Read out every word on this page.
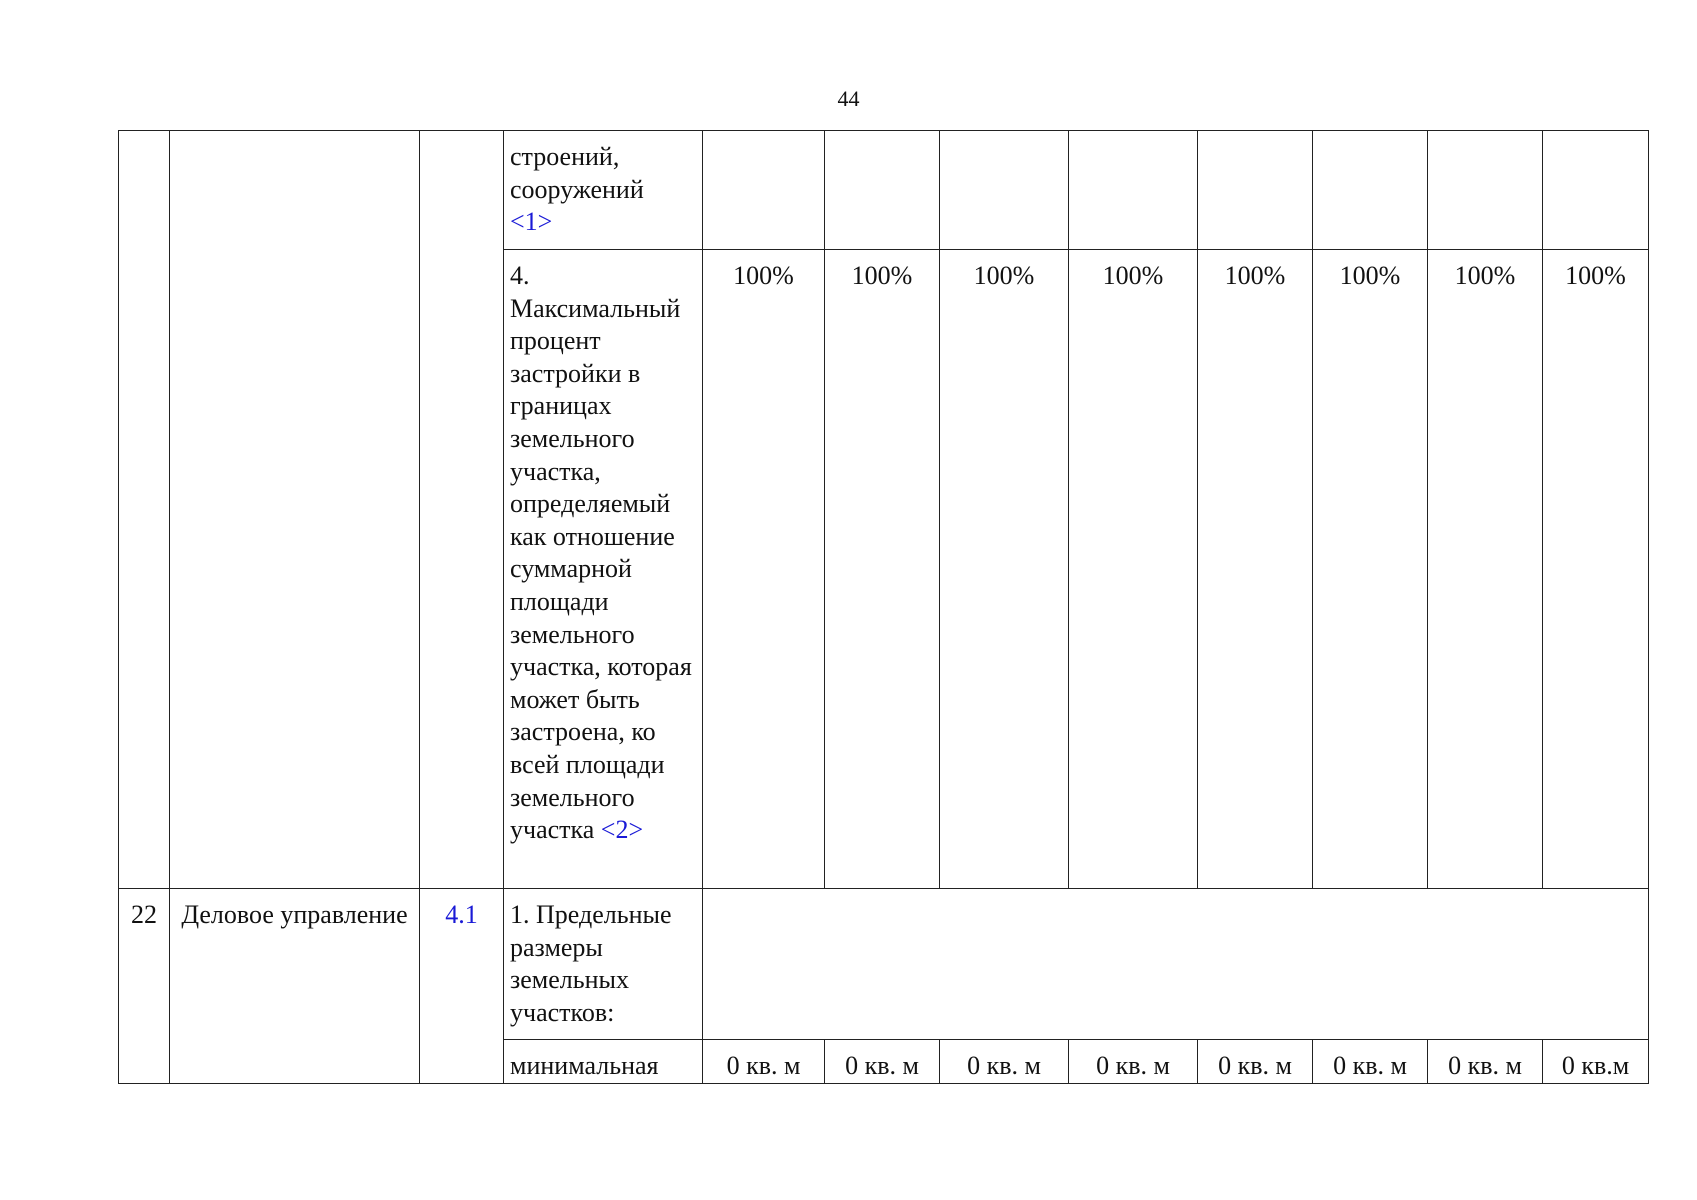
44
			строений, сооружений
<1>								
			4. Максимальный процент застройки в границах земельного участка, определяемый как отношение суммарной площади земельного участка, которая может быть застроена, ко всей площади земельного участка <2>	100%	100%	100%	100%	100%	100%	100%	100%
22	Деловое управление	4.1	1. Предельные размеры земельных участков:								
			минимальная	0 кв. м	0 кв. м	0 кв. м	0 кв. м	0 кв. м	0 кв. м	0 кв. м	0 кв.м
